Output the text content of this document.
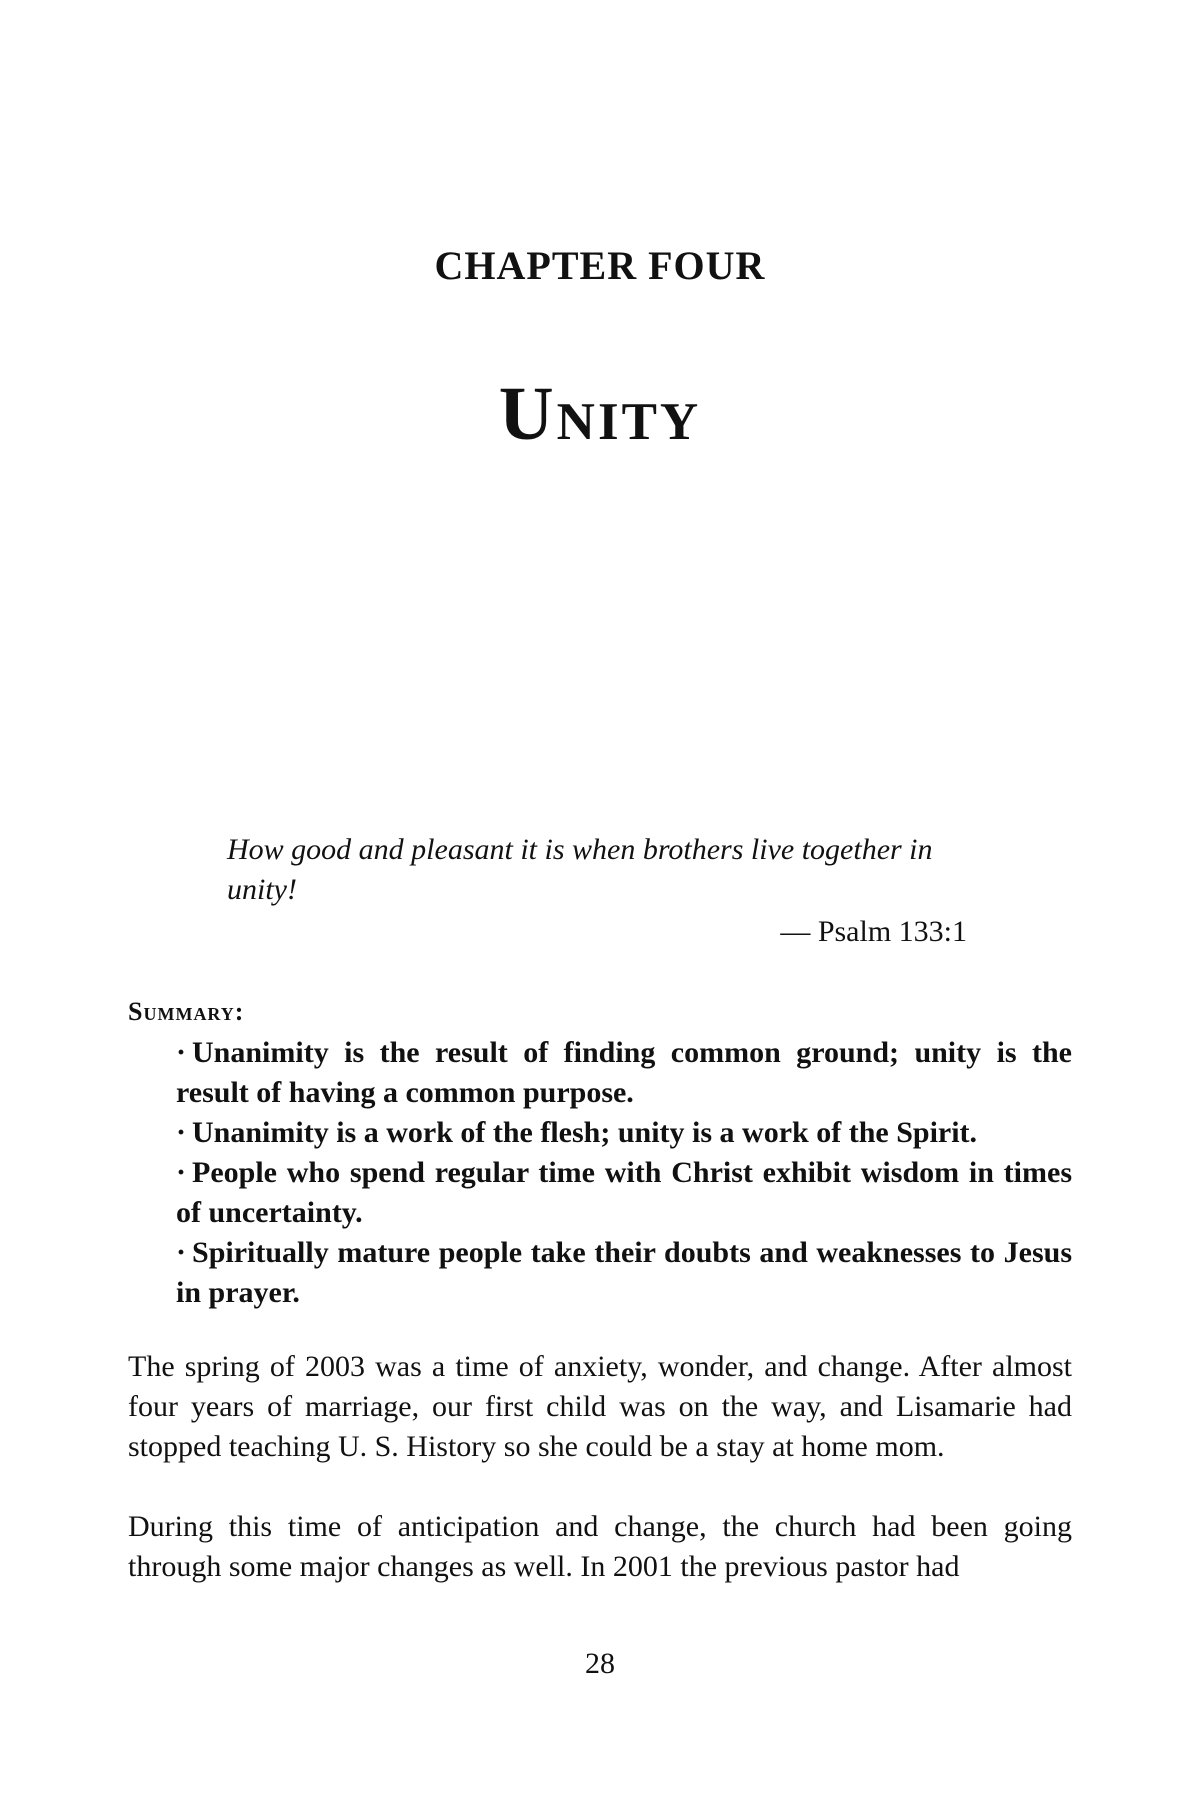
CHAPTER FOUR
Unity

How good and pleasant it is when brothers live together in unity!

— Psalm 133:1

Summary:
· Unanimity is the result of finding common ground; unity is the result of having a common purpose.
· Unanimity is a work of the flesh; unity is a work of the Spirit.
· People who spend regular time with Christ exhibit wisdom in times of uncertainty.
· Spiritually mature people take their doubts and weaknesses to Jesus in prayer.

The spring of 2003 was a time of anxiety, wonder, and change. After almost four years of marriage, our first child was on the way, and Lisamarie had stopped teaching U. S. History so she could be a stay at home mom.

During this time of anticipation and change, the church had been going through some major changes as well. In 2001 the previous pastor had

28
